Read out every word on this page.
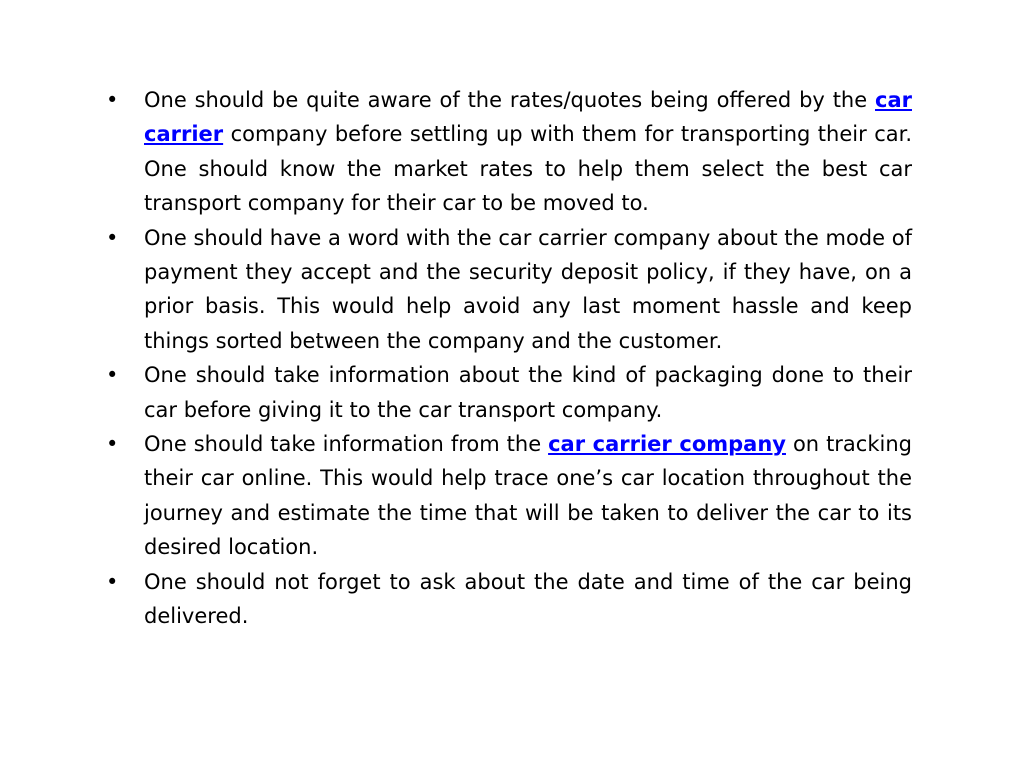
•	One should be quite aware of the rates/quotes being offered by the car carrier company before settling up with them for transporting their car. One should know the market rates to help them select the best car transport company for their car to be moved to.
•	One should have a word with the car carrier company about the mode of payment they accept and the security deposit policy, if they have, on a prior basis. This would help avoid any last moment hassle and keep things sorted between the company and the customer.
•	One should take information about the kind of packaging done to their car before giving it to the car transport company.
•	One should take information from the car carrier company on tracking their car online. This would help trace one’s car location throughout the journey and estimate the time that will be taken to deliver the car to its desired location.
•	One should not forget to ask about the date and time of the car being delivered.
